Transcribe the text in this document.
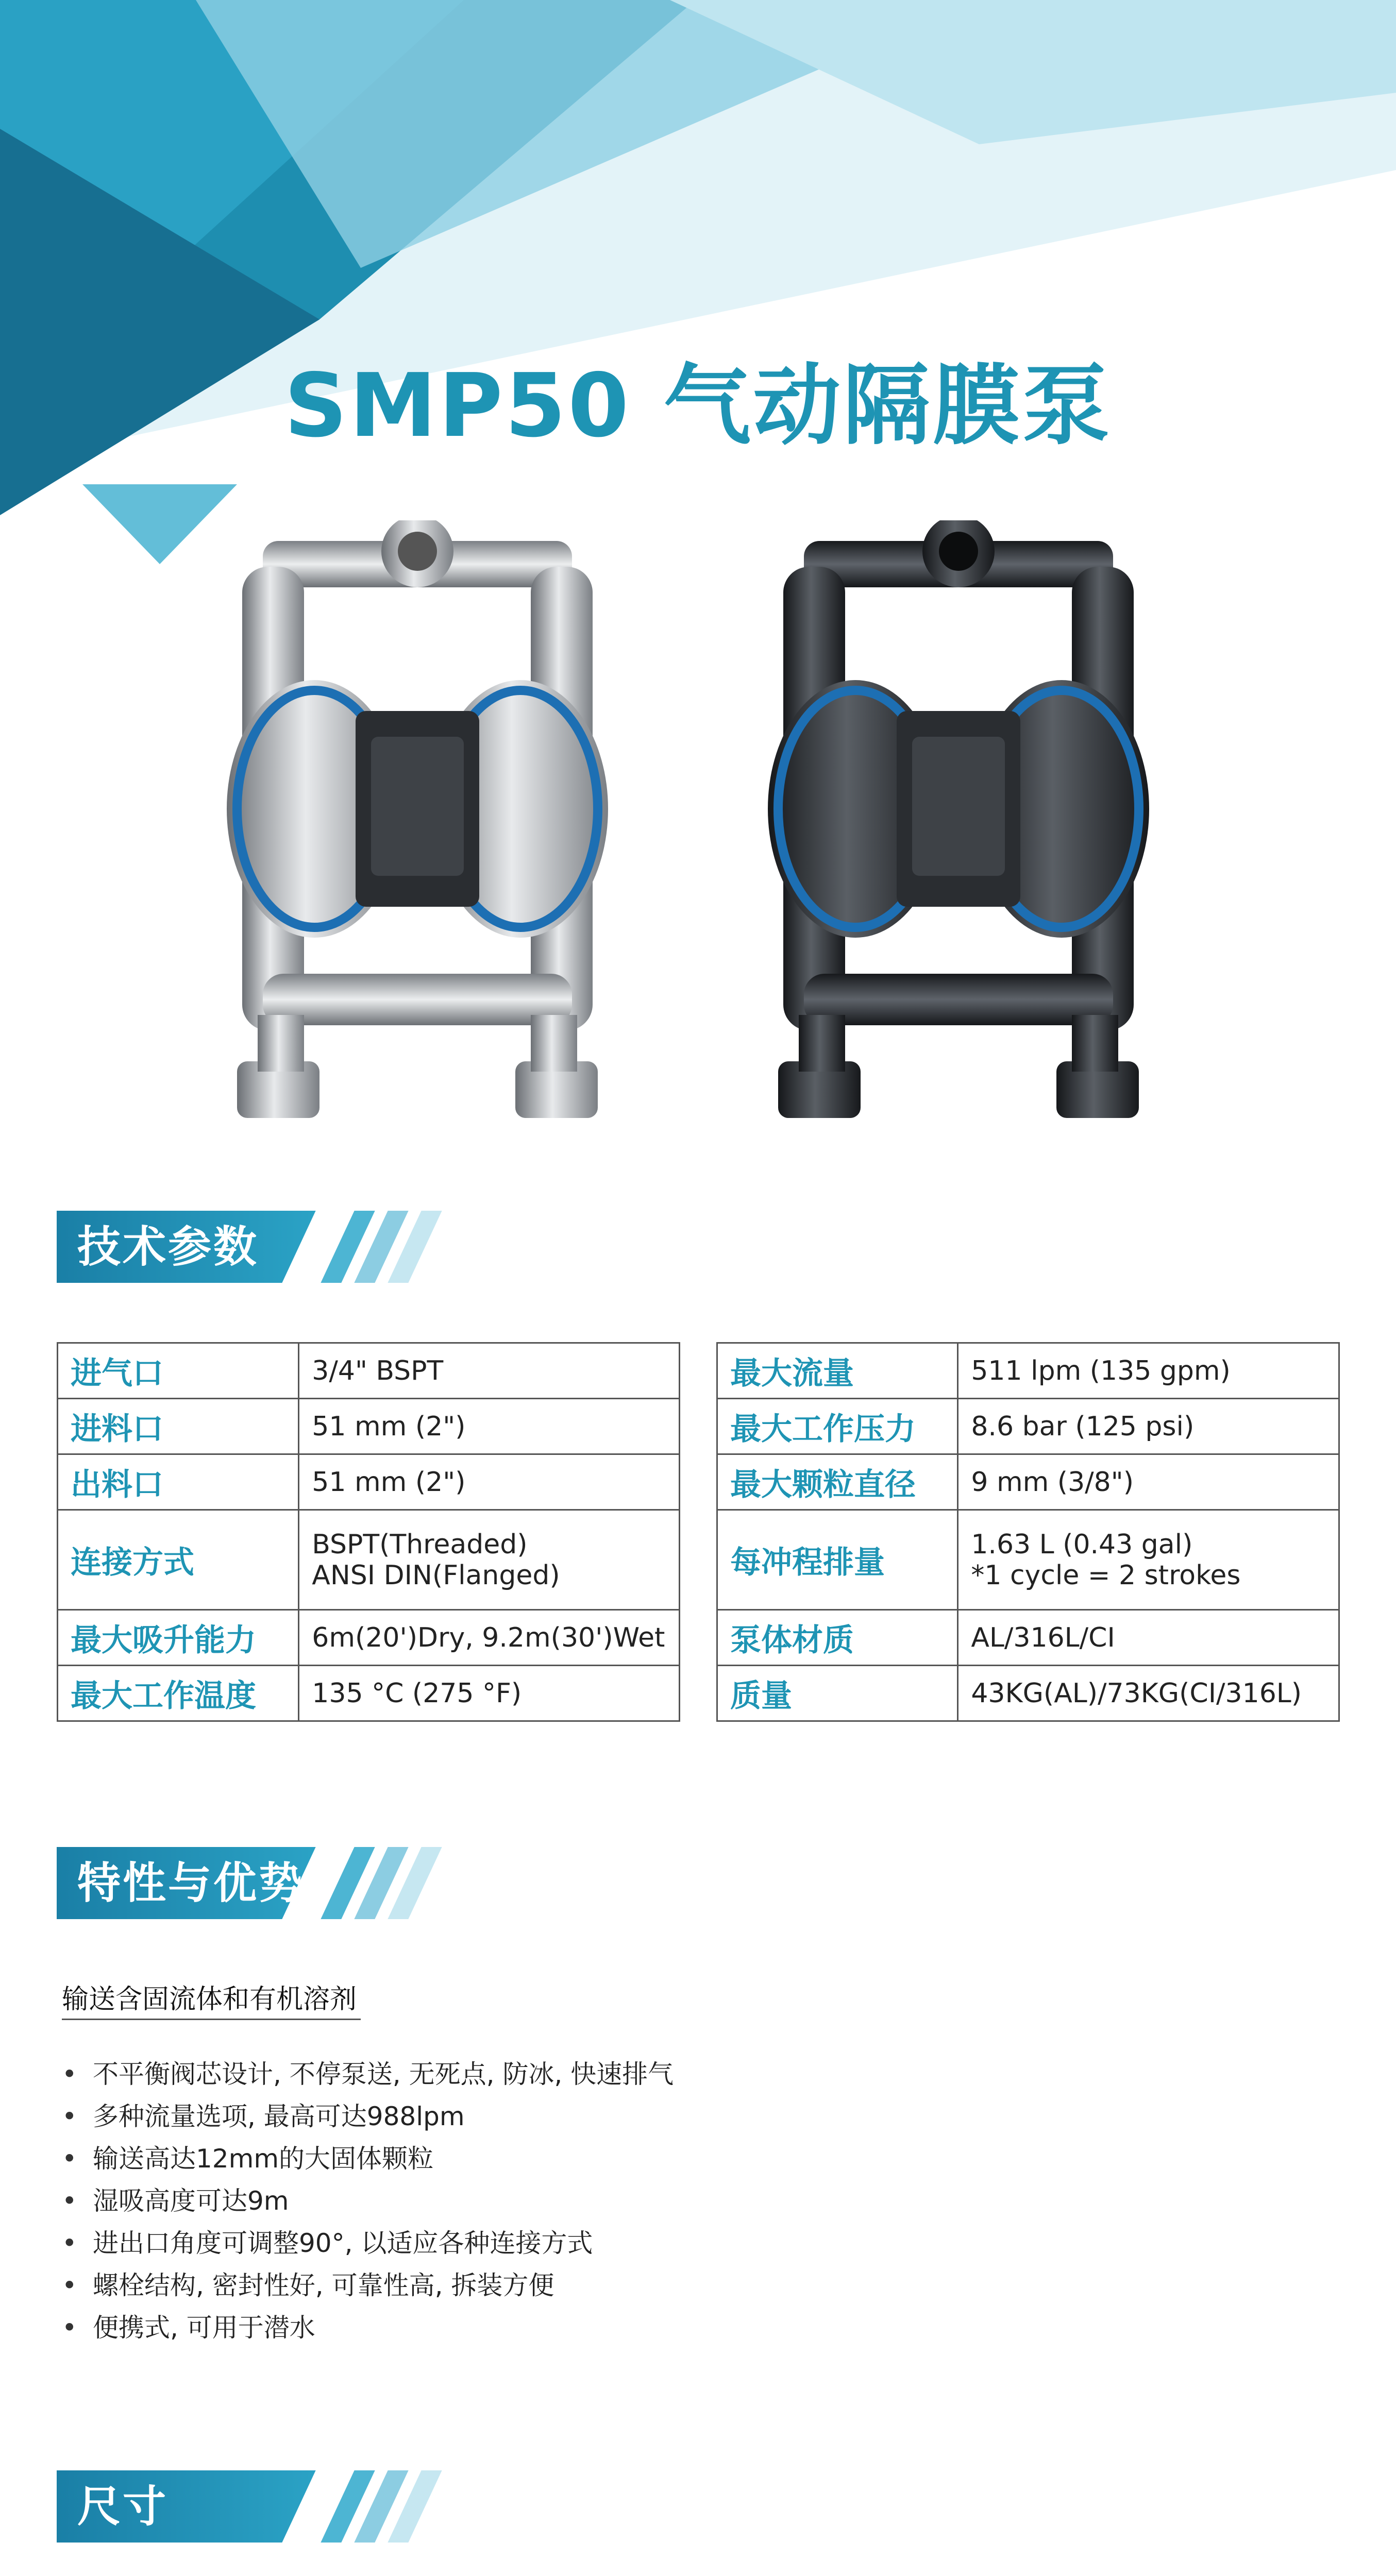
SMP50 气动隔膜泵
技术参数
进气口	3/4" BSPT
进料口	51 mm (2")
出料口	51 mm (2")
连接方式	BSPT(Threaded)
ANSI DIN(Flanged)

最大吸升能力	6m(20')Dry, 9.2m(30')Wet
最大工作温度	135 °C (275 °F)
最大流量	511 lpm (135 gpm)
最大工作压力	8.6 bar (125 psi)
最大颗粒直径	9 mm (3/8")
每冲程排量	1.63 L (0.43 gal)
*1 cycle = 2 strokes

泵体材质	AL/316L/CI
质量	43KG(AL)/73KG(CI/316L)
特性与优势
输送含固流体和有机溶剂
• 不平衡阀芯设计, 不停泵送, 无死点, 防冰, 快速排气
• 多种流量选项, 最高可达988lpm
• 输送高达12mm的大固体颗粒
• 湿吸高度可达9m
• 进出口角度可调整90°, 以适应各种连接方式
• 螺栓结构, 密封性好, 可靠性高, 拆装方便
• 便携式, 可用于潜水
尺寸
